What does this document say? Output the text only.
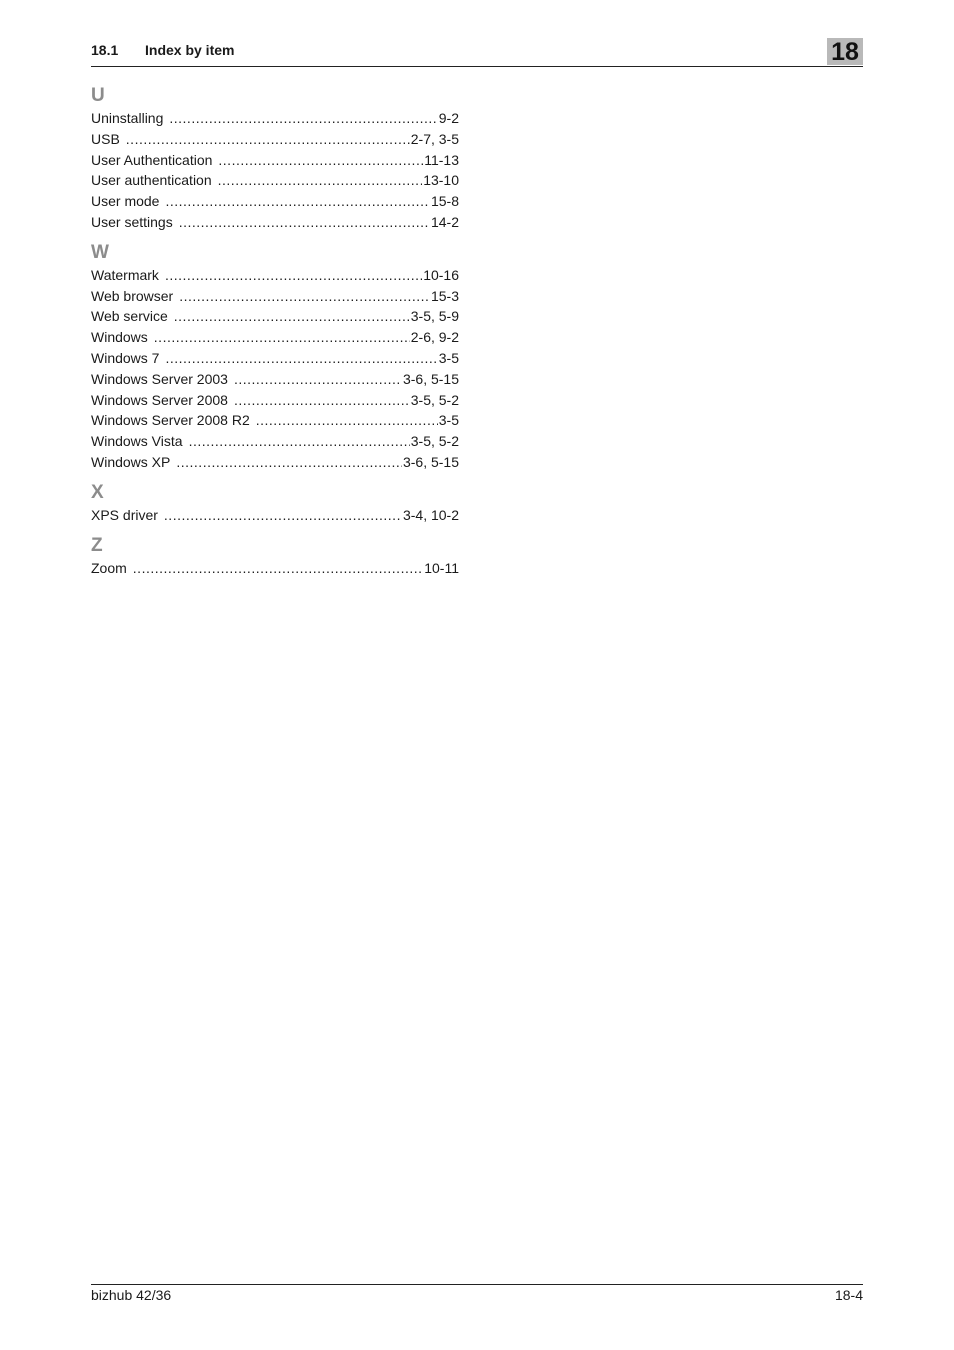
18.1 Index by item	18
U
Uninstalling .....	9-2
USB .....	2-7, 3-5
User Authentication .....	11-13
User authentication .....	13-10
User mode .....	15-8
User settings .....	14-2
W
Watermark .....	10-16
Web browser .....	15-3
Web service .....	3-5, 5-9
Windows .....	2-6, 9-2
Windows 7 .....	3-5
Windows Server 2003 .....	3-6, 5-15
Windows Server 2008 .....	3-5, 5-2
Windows Server 2008 R2 .....	3-5
Windows Vista .....	3-5, 5-2
Windows XP .....	3-6, 5-15
X
XPS driver .....	3-4, 10-2
Z
Zoom .....	10-11
bizhub 42/36	18-4
